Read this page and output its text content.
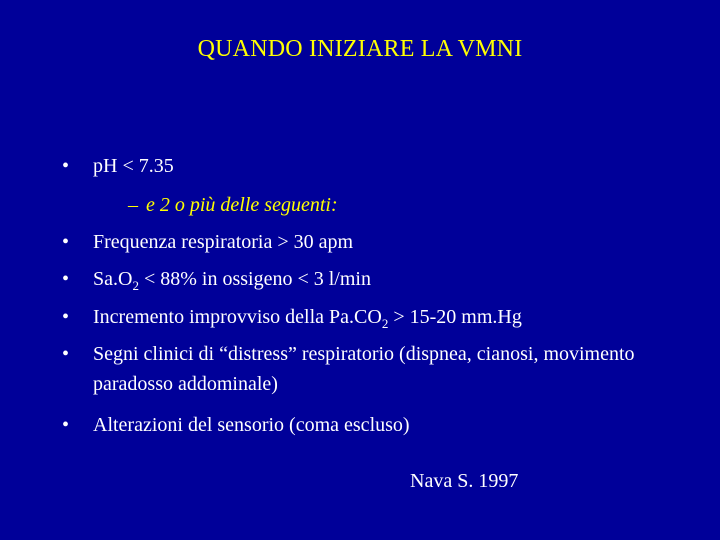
QUANDO INIZIARE LA VMNI
• pH < 7.35
– e 2 o più delle seguenti:
• Frequenza respiratoria > 30 apm
• $Sa.O_2 < 88\%$ in ossigeno < 3 l/min
• Incremento improvviso della $Pa.CO_2 > 15-20$ mm.Hg
• Segni clinici di “distress” respiratorio (dispnea, cianosi, movimento paradosso addominale)
• Alterazioni del sensorio (coma escluso)
Nava S. 1997
